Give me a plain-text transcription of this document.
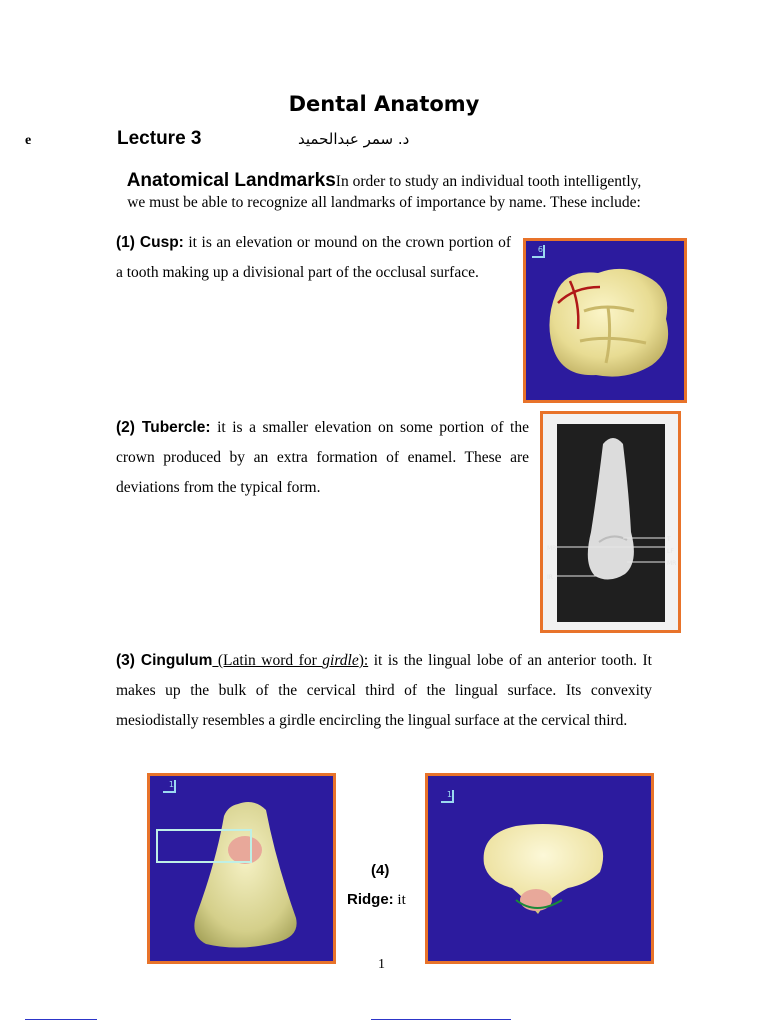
Dental Anatomy
e	Lecture 3	د. سمر عبدالحميد
Anatomical LandmarksIn order to study an individual tooth intelligently, we must be able to recognize all landmarks of importance by name. These include:
(1) Cusp: it is an elevation or mound on the crown portion of a tooth making up a divisional part of the occlusal surface.
6
(2) Tubercle: it is a smaller elevation on some portion of the crown produced by an extra formation of enamel. These are deviations from the typical form.
T
LF
MR
MR
IR
(3) Cingulum (Latin word for girdle): it is the lingual lobe of an anterior tooth. It makes up the bulk of the cervical third of the lingual surface. Its convexity mesiodistally resembles a girdle encircling the lingual surface at the cervical third.
1
(4)
Ridge: it
1
1
